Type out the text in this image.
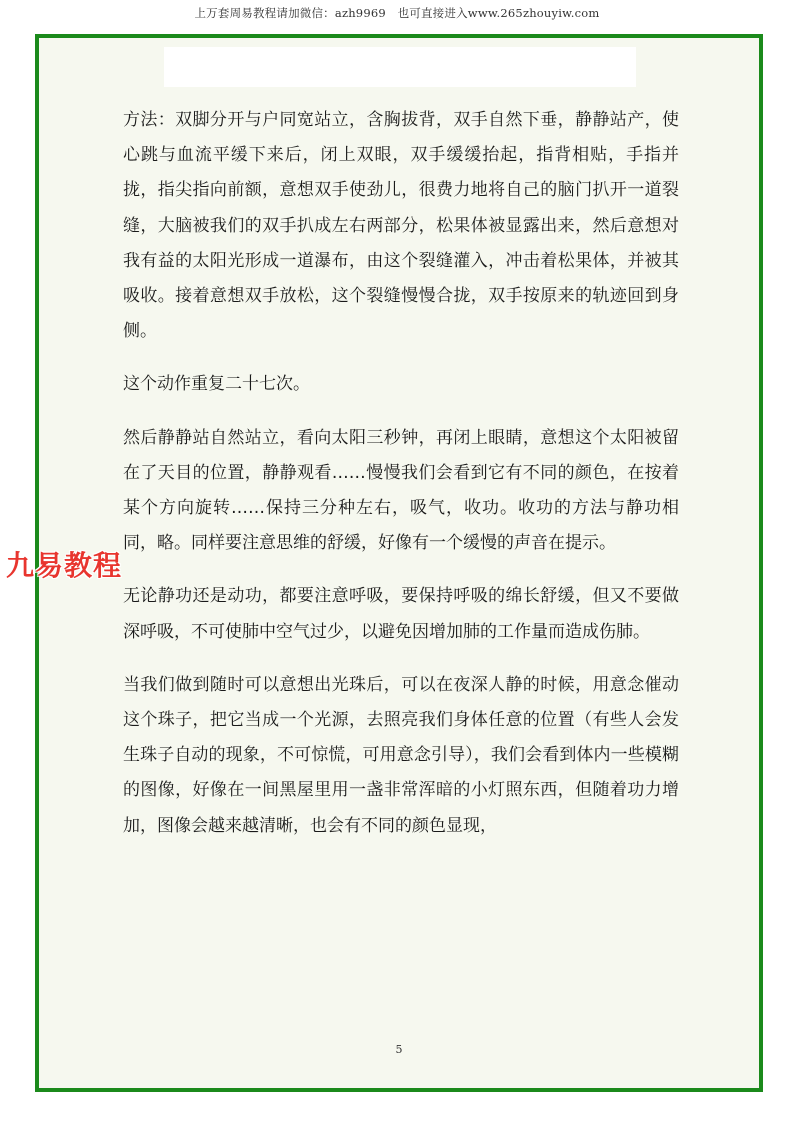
上万套周易教程请加微信：azh9969　也可直接进入www.265zhouyiw.com

方法：双脚分开与户同宽站立，含胸拔背，双手自然下垂，静静站产，使心跳与血流平缓下来后，闭上双眼，双手缓缓抬起，指背相贴，手指并拢，指尖指向前额，意想双手使劲儿，很费力地将自己的脑门扒开一道裂缝，大脑被我们的双手扒成左右两部分，松果体被显露出来，然后意想对我有益的太阳光形成一道瀑布，由这个裂缝灌入，冲击着松果体，并被其吸收。接着意想双手放松，这个裂缝慢慢合拢，双手按原来的轨迹回到身侧。

这个动作重复二十七次。

然后静静站自然站立，看向太阳三秒钟，再闭上眼睛，意想这个太阳被留在了天目的位置，静静观看……慢慢我们会看到它有不同的颜色，在按着某个方向旋转……保持三分种左右，吸气，收功。收功的方法与静功相同，略。同样要注意思维的舒缓，好像有一个缓慢的声音在提示。

无论静功还是动功，都要注意呼吸，要保持呼吸的绵长舒缓，但又不要做深呼吸，不可使肺中空气过少，以避免因增加肺的工作量而造成伤肺。

当我们做到随时可以意想出光珠后，可以在夜深人静的时候，用意念催动这个珠子，把它当成一个光源，去照亮我们身体任意的位置（有些人会发生珠子自动的现象，不可惊慌，可用意念引导），我们会看到体内一些模糊的图像，好像在一间黑屋里用一盏非常浑暗的小灯照东西，但随着功力增加，图像会越来越清晰，也会有不同的颜色显现，

5
九易教程
